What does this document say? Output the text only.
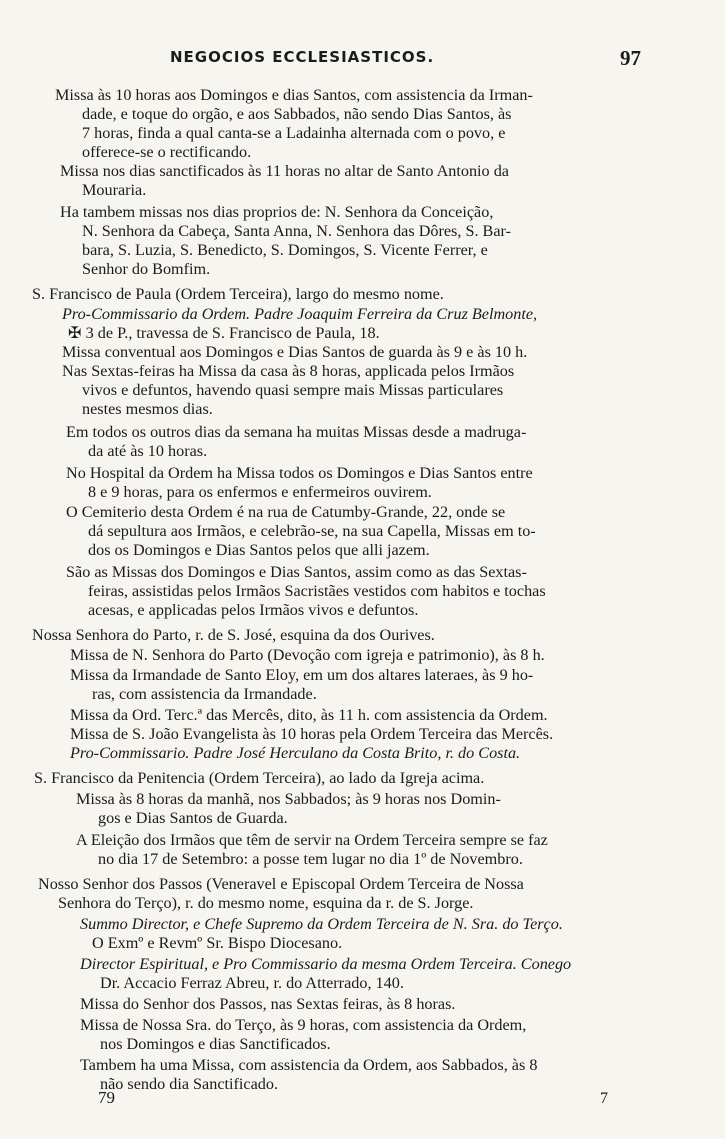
NEGOCIOS ECCLESIASTICOS.	97
Missa às 10 horas aos Domingos e dias Santos, com assistencia da Irman-
dade, e toque do orgão, e aos Sabbados, não sendo Dias Santos, às
7 horas, finda a qual canta-se a Ladainha alternada com o povo, e
offerece-se o rectificando.
Missa nos dias sanctificados às 11 horas no altar de Santo Antonio da
Mouraria.
Ha tambem missas nos dias proprios de: N. Senhora da Conceição,
N. Senhora da Cabeça, Santa Anna, N. Senhora das Dôres, S. Bar-
bara, S. Luzia, S. Benedicto, S. Domingos, S. Vicente Ferrer, e
Senhor do Bomfim.
S. Francisco de Paula (Ordem Terceira), largo do mesmo nome.
Pro-Commissario da Ordem. Padre Joaquim Ferreira da Cruz Belmonte,
✠ 3 de P., travessa de S. Francisco de Paula, 18.
Missa conventual aos Domingos e Dias Santos de guarda às 9 e às 10 h.
Nas Sextas-feiras ha Missa da casa às 8 horas, applicada pelos Irmãos
vivos e defuntos, havendo quasi sempre mais Missas particulares
nestes mesmos dias.
Em todos os outros dias da semana ha muitas Missas desde a madruga-
da até às 10 horas.
No Hospital da Ordem ha Missa todos os Domingos e Dias Santos entre
8 e 9 horas, para os enfermos e enfermeiros ouvirem.
O Cemiterio desta Ordem é na rua de Catumby-Grande, 22, onde se
dá sepultura aos Irmãos, e celebrão-se, na sua Capella, Missas em to-
dos os Domingos e Dias Santos pelos que alli jazem.
São as Missas dos Domingos e Dias Santos, assim como as das Sextas-
feiras, assistidas pelos Irmãos Sacristães vestidos com habitos e tochas
acesas, e applicadas pelos Irmãos vivos e defuntos.
Nossa Senhora do Parto, r. de S. José, esquina da dos Ourives.
Missa de N. Senhora do Parto (Devoção com igreja e patrimonio), às 8 h.
Missa da Irmandade de Santo Eloy, em um dos altares lateraes, às 9 ho-
ras, com assistencia da Irmandade.
Missa da Ord. Terc.ª das Mercês, dito, às 11 h. com assistencia da Ordem.
Missa de S. João Evangelista às 10 horas pela Ordem Terceira das Mercês.
Pro-Commissario. Padre José Herculano da Costa Brito, r. do Costa.
S. Francisco da Penitencia (Ordem Terceira), ao lado da Igreja acima.
Missa às 8 horas da manhã, nos Sabbados; às 9 horas nos Domin-
gos e Dias Santos de Guarda.
A Eleição dos Irmãos que têm de servir na Ordem Terceira sempre se faz
no dia 17 de Setembro: a posse tem lugar no dia 1º de Novembro.
Nosso Senhor dos Passos (Veneravel e Episcopal Ordem Terceira de Nossa
Senhora do Terço), r. do mesmo nome, esquina da r. de S. Jorge.
Summo Director, e Chefe Supremo da Ordem Terceira de N. Sra. do Terço.
O Exmº e Revmº Sr. Bispo Diocesano.
Director Espiritual, e Pro Commissario da mesma Ordem Terceira. Conego
Dr. Accacio Ferraz Abreu, r. do Atterrado, 140.
Missa do Senhor dos Passos, nas Sextas feiras, às 8 horas.
Missa de Nossa Sra. do Terço, às 9 horas, com assistencia da Ordem,
nos Domingos e dias Sanctificados.
Tambem ha uma Missa, com assistencia da Ordem, aos Sabbados, às 8
não sendo dia Sanctificado.
79	7
